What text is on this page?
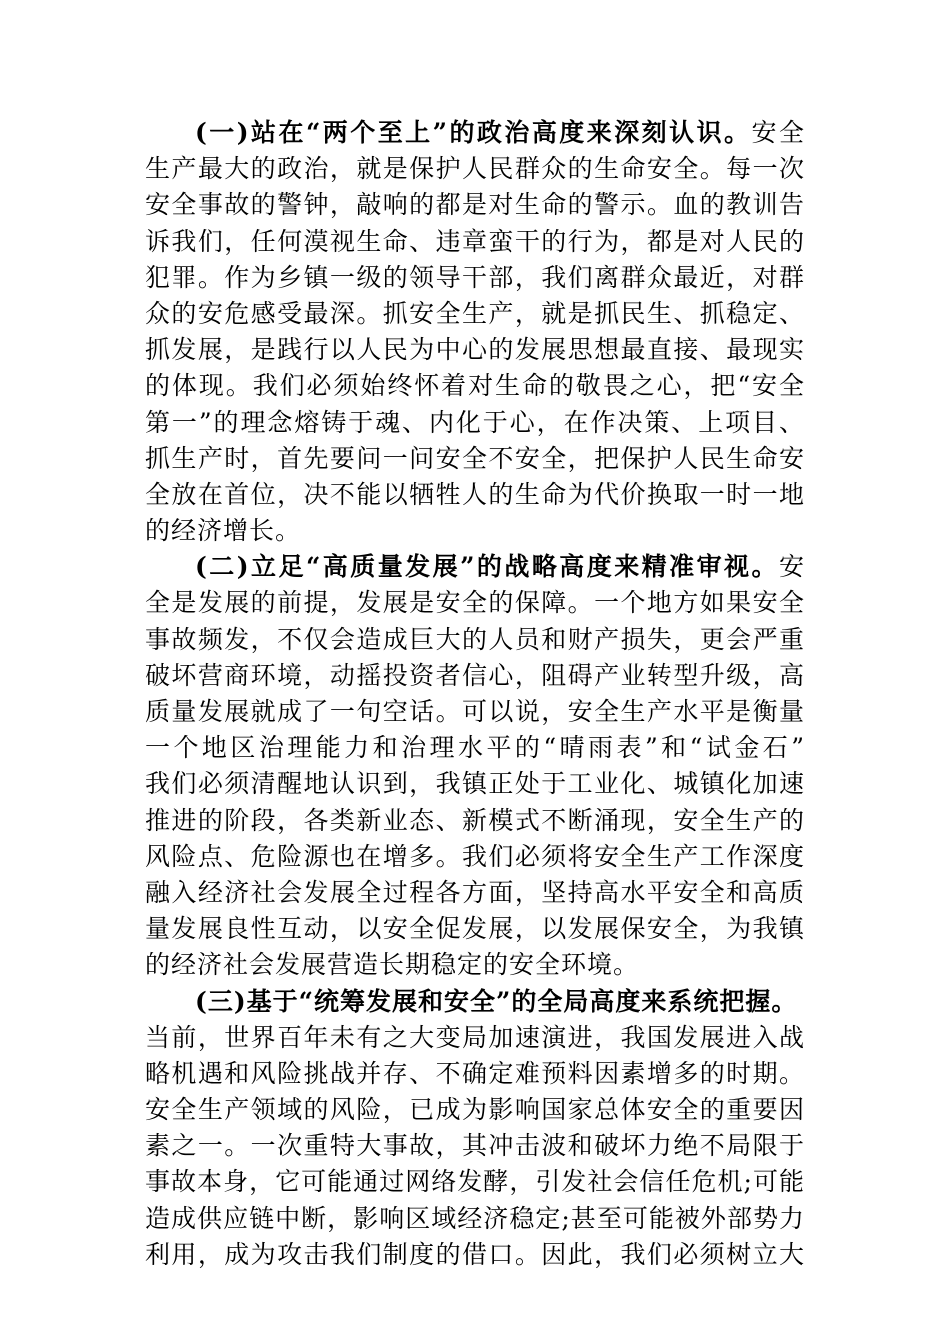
(一)站在“两个至上”的政治高度来深刻认识。安全
生产最大的政治，就是保护人民群众的生命安全。每一次
安全事故的警钟，敲响的都是对生命的警示。血的教训告
诉我们，任何漠视生命、违章蛮干的行为，都是对人民的
犯罪。作为乡镇一级的领导干部，我们离群众最近，对群
众的安危感受最深。抓安全生产，就是抓民生、抓稳定、
抓发展，是践行以人民为中心的发展思想最直接、最现实
的体现。我们必须始终怀着对生命的敬畏之心，把“安全
第一”的理念熔铸于魂、内化于心，在作决策、上项目、
抓生产时，首先要问一问安全不安全，把保护人民生命安
全放在首位，决不能以牺牲人的生命为代价换取一时一地
的经济增长。
(二)立足“高质量发展”的战略高度来精准审视。安
全是发展的前提，发展是安全的保障。一个地方如果安全
事故频发，不仅会造成巨大的人员和财产损失，更会严重
破坏营商环境，动摇投资者信心，阻碍产业转型升级，高
质量发展就成了一句空话。可以说，安全生产水平是衡量
一个地区治理能力和治理水平的“晴雨表”和“试金石”
我们必须清醒地认识到，我镇正处于工业化、城镇化加速
推进的阶段，各类新业态、新模式不断涌现，安全生产的
风险点、危险源也在增多。我们必须将安全生产工作深度
融入经济社会发展全过程各方面，坚持高水平安全和高质
量发展良性互动，以安全促发展，以发展保安全，为我镇
的经济社会发展营造长期稳定的安全环境。
(三)基于“统筹发展和安全”的全局高度来系统把握。
当前，世界百年未有之大变局加速演进，我国发展进入战
略机遇和风险挑战并存、不确定难预料因素增多的时期。
安全生产领域的风险，已成为影响国家总体安全的重要因
素之一。一次重特大事故，其冲击波和破坏力绝不局限于
事故本身，它可能通过网络发酵，引发社会信任危机;可能
造成供应链中断，影响区域经济稳定;甚至可能被外部势力
利用，成为攻击我们制度的借口。因此，我们必须树立大
